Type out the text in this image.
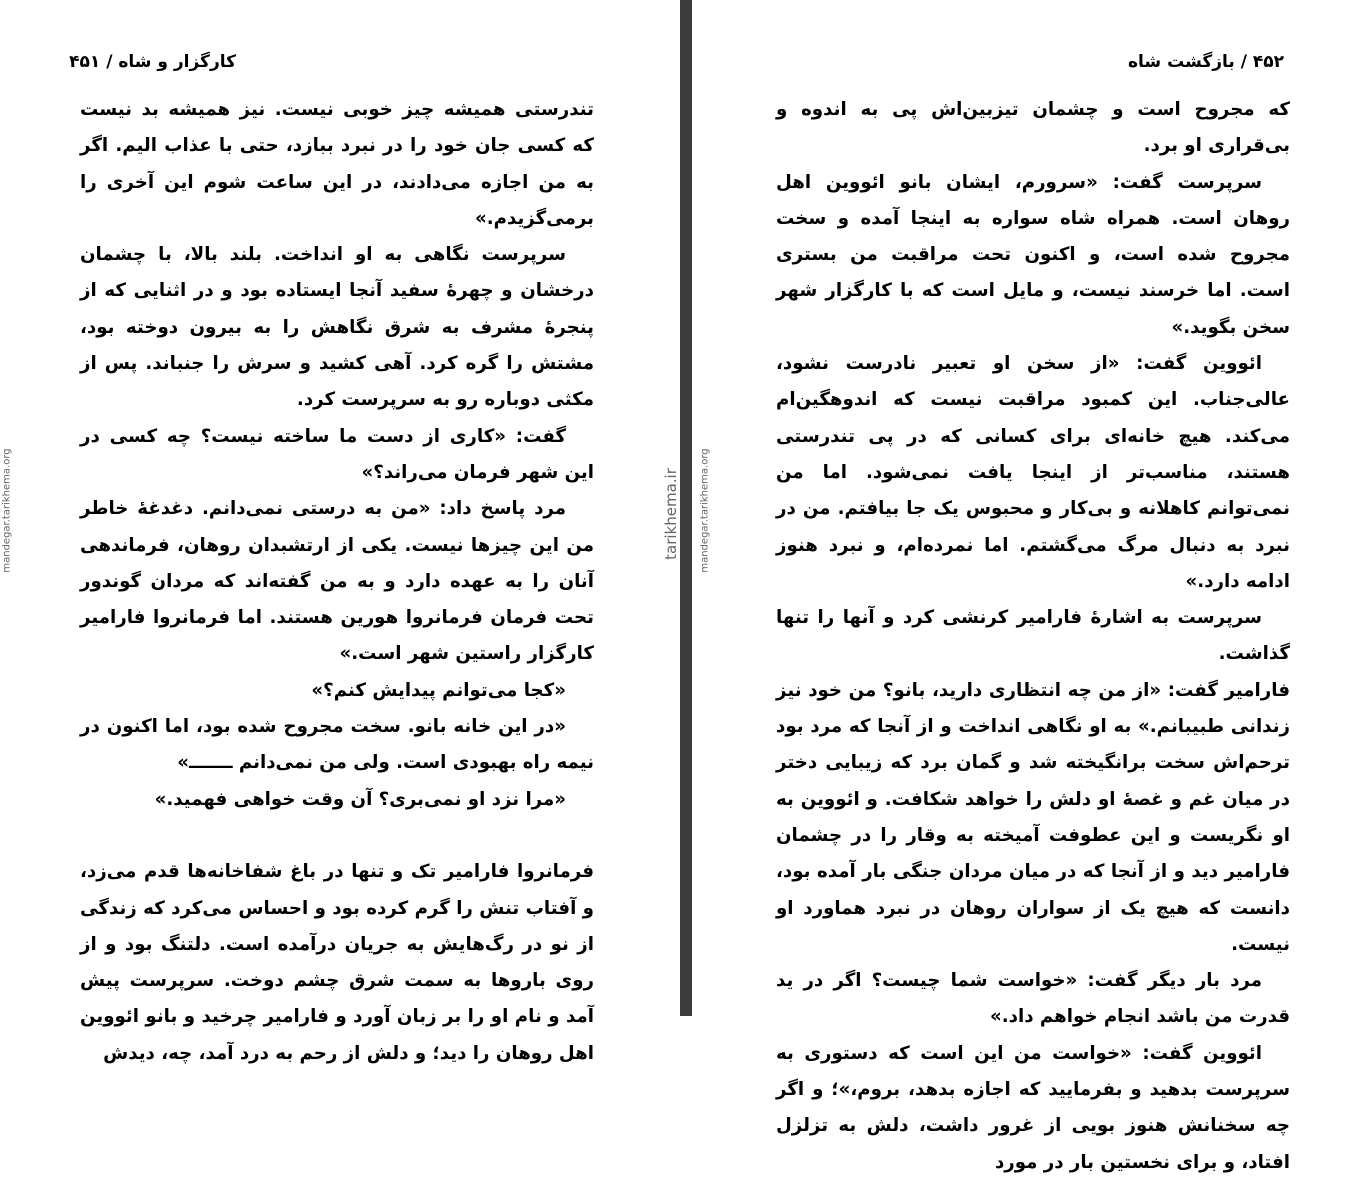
کارگزار و شاه / ۴۵۱

تندرستی همیشه چیز خوبی نیست. نیز همیشه بد نیست که کسی جان خود را در نبرد ببازد، حتی با عذاب الیم. اگر به من اجازه می‌دادند، در این ساعت شوم این آخری را برمی‌گزیدم.»

سرپرست نگاهی به او انداخت. بلند بالا، با چشمان درخشان و چهرهٔ سفید آنجا ایستاده بود و در اثنایی که از پنجرهٔ مشرف به شرق نگاهش را به بیرون دوخته بود، مشتش را گره کرد. آهی کشید و سرش را جنباند. پس از مکثی دوباره رو به سرپرست کرد.

گفت: «کاری از دست ما ساخته نیست؟ چه کسی در این شهر فرمان می‌راند؟»

مرد پاسخ داد: «من به درستی نمی‌دانم. دغدغهٔ خاطر من این چیزها نیست. یکی از ارتشبدان روهان، فرماندهی آنان را به عهده دارد و به من گفته‌اند که مردان گوندور تحت فرمان فرمانروا هورین هستند. اما فرمانروا فارامیر کارگزار راستین شهر است.»

«کجا می‌توانم پیدایش کنم؟»

«در این خانه بانو. سخت مجروح شده بود، اما اکنون در نیمه راه بهبودی است. ولی من نمی‌دانم ـــــــ»

«مرا نزد او نمی‌بری؟ آن وقت خواهی فهمید.»

فرمانروا فارامیر تک و تنها در باغ شفاخانه‌ها قدم می‌زد، و آفتاب تنش را گرم کرده بود و احساس می‌کرد که زندگی از نو در رگ‌هایش به جریان درآمده است. دلتنگ بود و از روی باروها به سمت شرق چشم دوخت. سرپرست پیش آمد و نام او را بر زبان آورد و فارامیر چرخید و بانو ائووین اهل روهان را دید؛ و دلش از رحم به درد آمد، چه، دیدش

۴۵۲ / بازگشت شاه

که مجروح است و چشمان تیزبین‌اش پی به اندوه و بی‌قراری او برد.

سرپرست گفت: «سرورم، ایشان بانو ائووین اهل روهان است. همراه شاه سواره به اینجا آمده و سخت مجروح شده است، و اکنون تحت مراقبت من بستری است. اما خرسند نیست، و مایل است که با کارگزار شهر سخن بگوید.»

ائووین گفت: «از سخن او تعبیر نادرست نشود، عالی‌جناب. این کمبود مراقبت نیست که اندوهگین‌ام می‌کند. هیچ خانه‌ای برای کسانی که در پی تندرستی هستند، مناسب‌تر از اینجا یافت نمی‌شود. اما من نمی‌توانم کاهلانه و بی‌کار و محبوس یک جا بیافتم. من در نبرد به دنبال مرگ می‌گشتم. اما نمرده‌ام، و نبرد هنوز ادامه دارد.»

سرپرست به اشارهٔ فارامیر کرنشی کرد و آنها را تنها گذاشت.

فارامیر گفت: «از من چه انتظاری دارید، بانو؟ من خود نیز زندانی طبیبانم.» به او نگاهی انداخت و از آنجا که مرد بود ترحم‌اش سخت برانگیخته شد و گمان برد که زیبایی دختر در میان غم و غصهٔ او دلش را خواهد شکافت. و ائووین به او نگریست و این عطوفت آمیخته به وقار را در چشمان فارامیر دید و از آنجا که در میان مردان جنگی بار آمده بود، دانست که هیچ یک از سواران روهان در نبرد هماورد او نیست.

مرد بار دیگر گفت: «خواست شما چیست؟ اگر در ید قدرت من باشد انجام خواهم داد.»

ائووین گفت: «خواست من این است که دستوری به سرپرست بدهید و بفرمایید که اجازه بدهد، بروم،»؛ و اگر چه سخنانش هنوز بویی از غرور داشت، دلش به تزلزل افتاد، و برای نخستین بار در مورد

mandegar.tarikhema.org	tarikhema.ir mandegar.tarikhema.org
